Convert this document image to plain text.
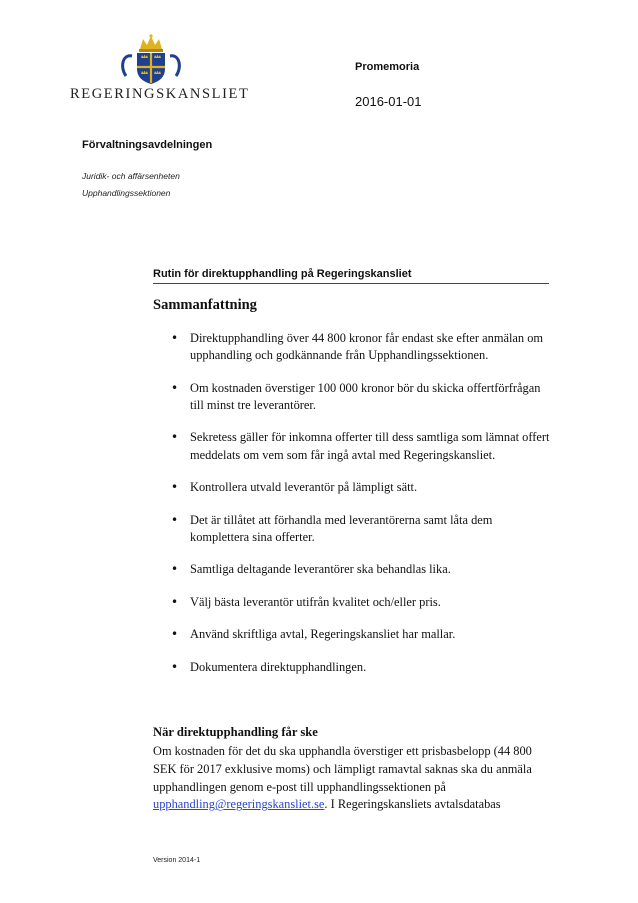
REGERINGSKANSLIET
Promemoria
2016-01-01
Förvaltningsavdelningen
Juridik- och affärsenheten
Upphandlingssektionen
Rutin för direktupphandling på Regeringskansliet
Sammanfattning
• Direktupphandling över 44 800 kronor får endast ske efter anmälan om upphandling och godkännande från Upphandlingssektionen.
• Om kostnaden överstiger 100 000 kronor bör du skicka offertförfrågan till minst tre leverantörer.
• Sekretess gäller för inkomna offerter till dess samtliga som lämnat offert meddelats om vem som får ingå avtal med Regeringskansliet.
• Kontrollera utvald leverantör på lämpligt sätt.
• Det är tillåtet att förhandla med leverantörerna samt låta dem komplettera sina offerter.
• Samtliga deltagande leverantörer ska behandlas lika.
• Välj bästa leverantör utifrån kvalitet och/eller pris.
• Använd skriftliga avtal, Regeringskansliet har mallar.
• Dokumentera direktupphandlingen.
När direktupphandling får ske

Om kostnaden för det du ska upphandla överstiger ett prisbasbelopp (44 800 SEK för 2017 exklusive moms) och lämpligt ramavtal saknas ska du anmäla upphandlingen genom e-post till upphandlingssektionen på upphandling@regeringskansliet.se. I Regeringskansliets avtalsdatabas

Version 2014-1
